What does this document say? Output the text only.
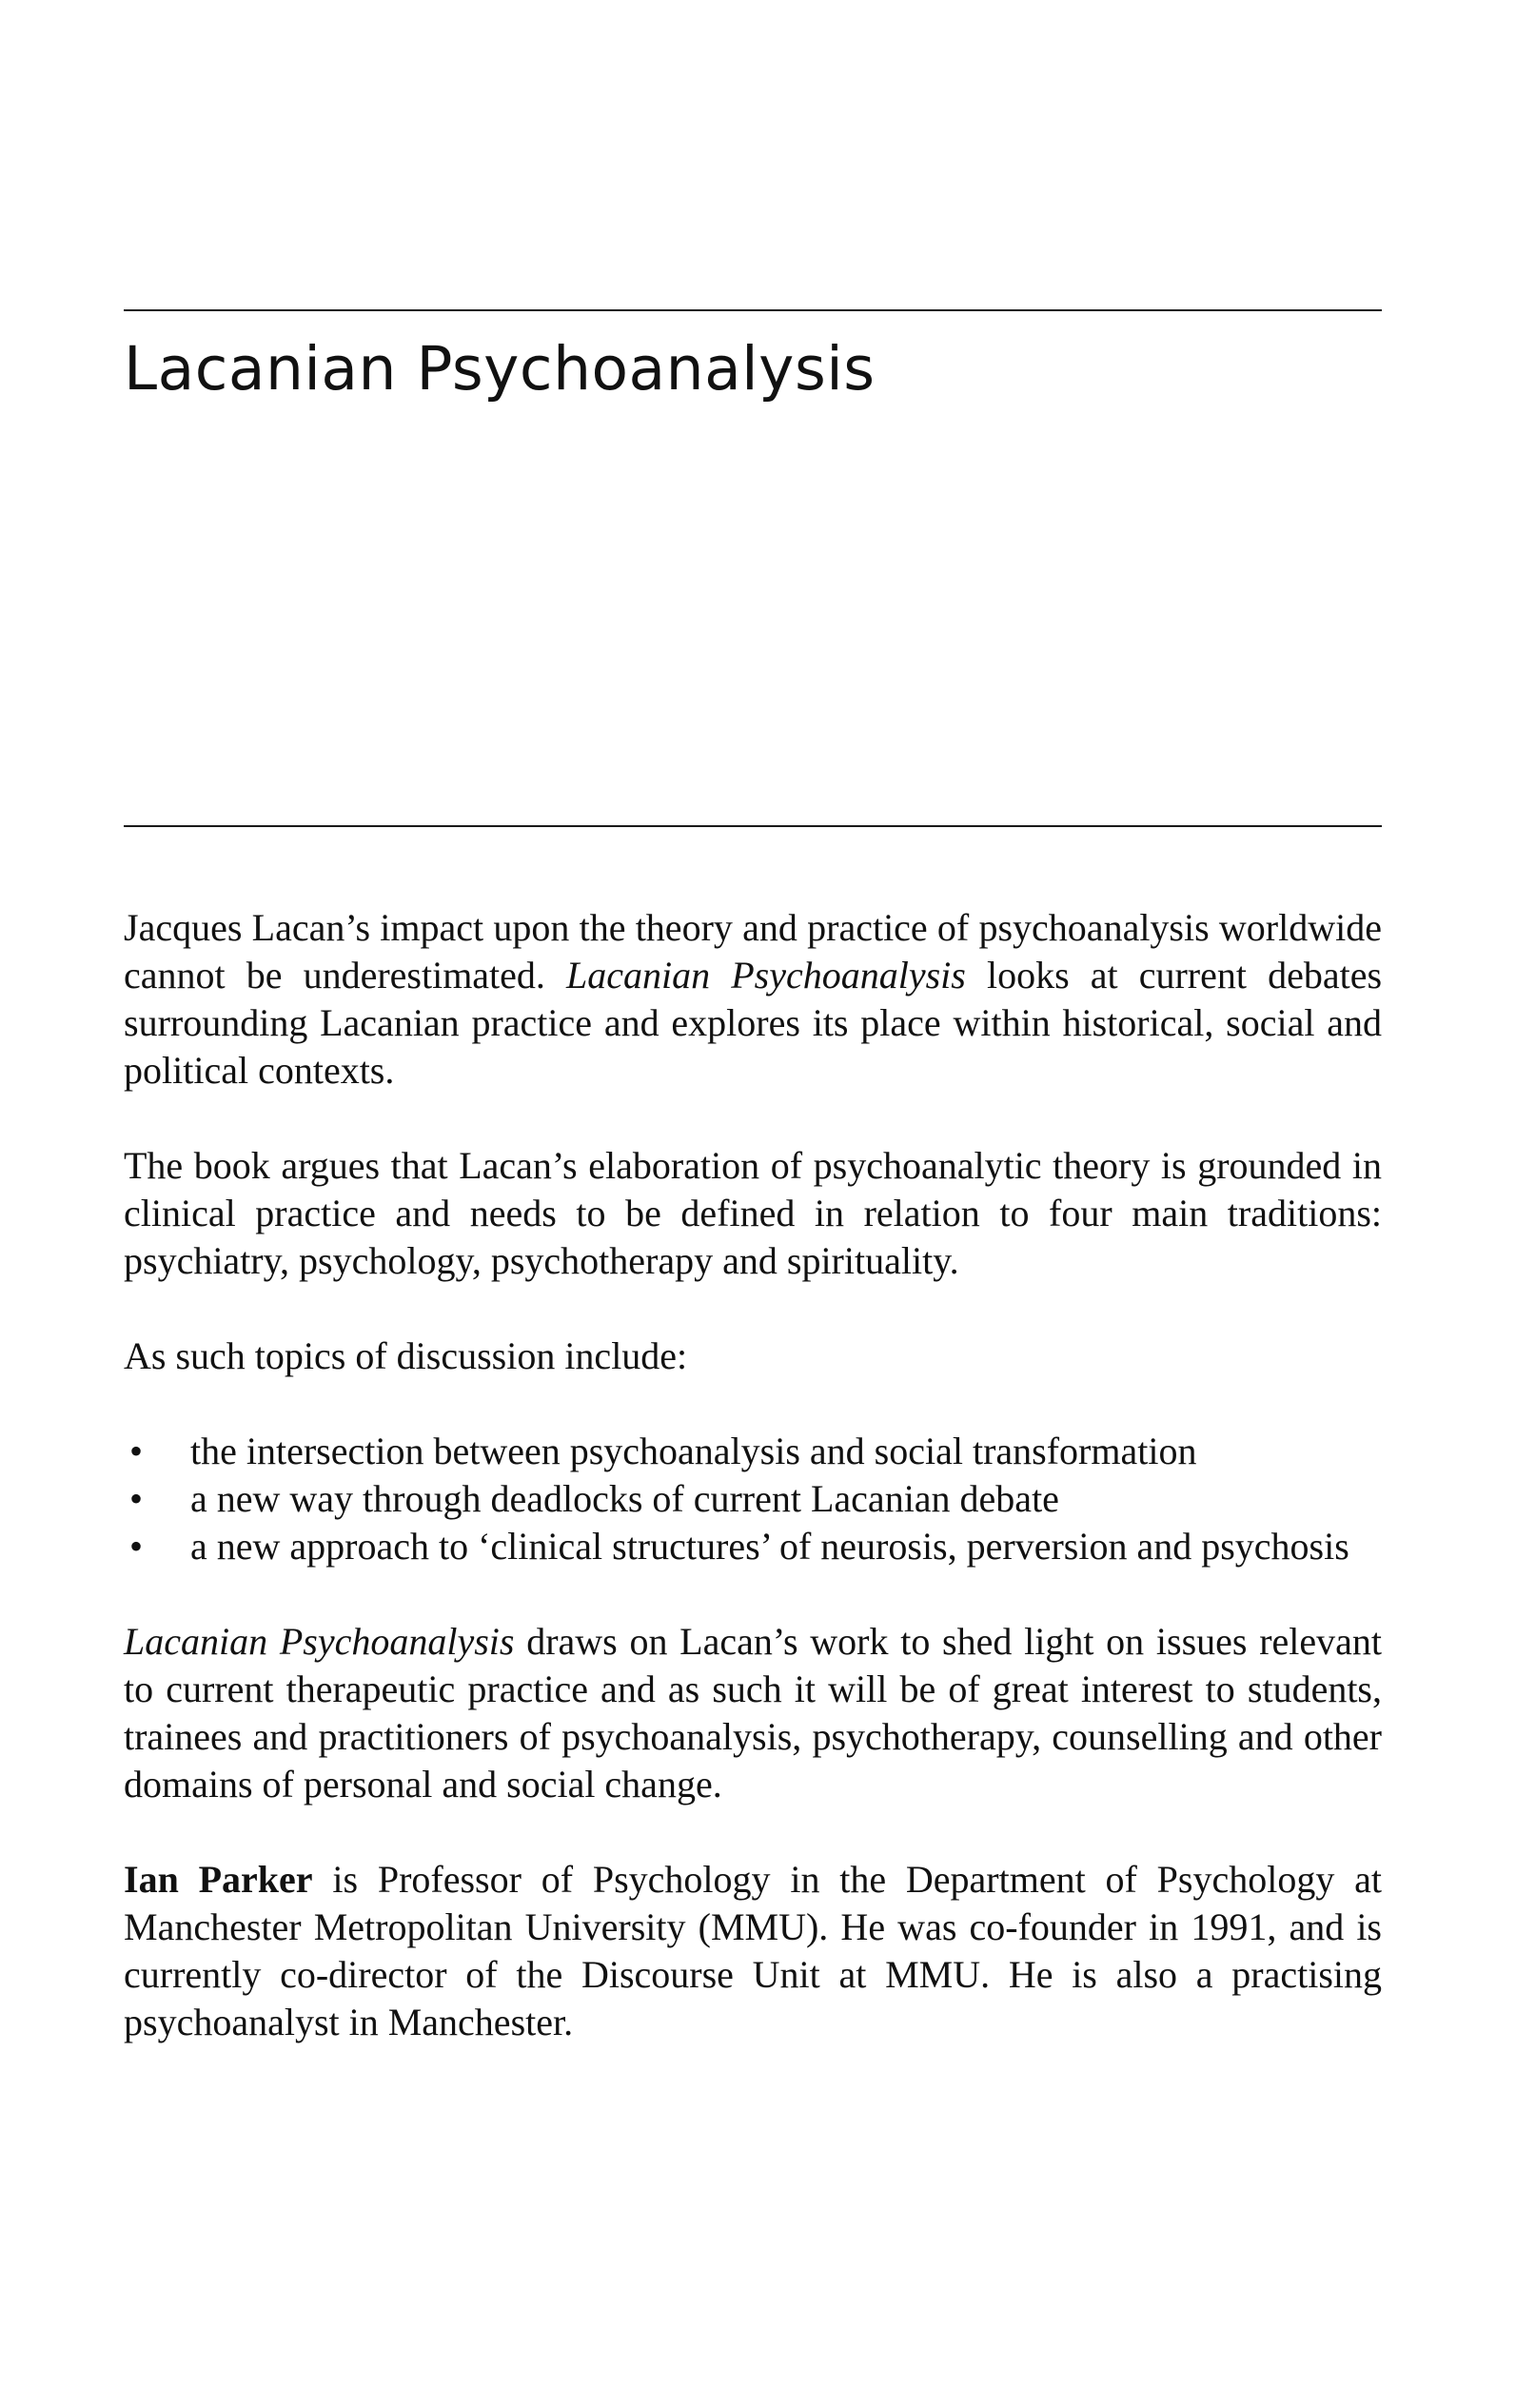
Lacanian Psychoanalysis

Jacques Lacan’s impact upon the theory and practice of psychoanalysis worldwide cannot be underestimated. Lacanian Psychoanalysis looks at current debates surrounding Lacanian practice and explores its place within historical, social and political contexts.

The book argues that Lacan’s elaboration of psychoanalytic theory is grounded in clinical practice and needs to be defined in relation to four main traditions: psychiatry, psychology, psychotherapy and spirituality.

As such topics of discussion include:

• the intersection between psychoanalysis and social transformation
• a new way through deadlocks of current Lacanian debate
• a new approach to ‘clinical structures’ of neurosis, perversion and psychosis

Lacanian Psychoanalysis draws on Lacan’s work to shed light on issues relevant to current therapeutic practice and as such it will be of great interest to students, trainees and practitioners of psychoanalysis, psychotherapy, counselling and other domains of personal and social change.

Ian Parker is Professor of Psychology in the Department of Psychology at Manchester Metropolitan University (MMU). He was co-founder in 1991, and is currently co-director of the Discourse Unit at MMU. He is also a practising psychoanalyst in Manchester.
